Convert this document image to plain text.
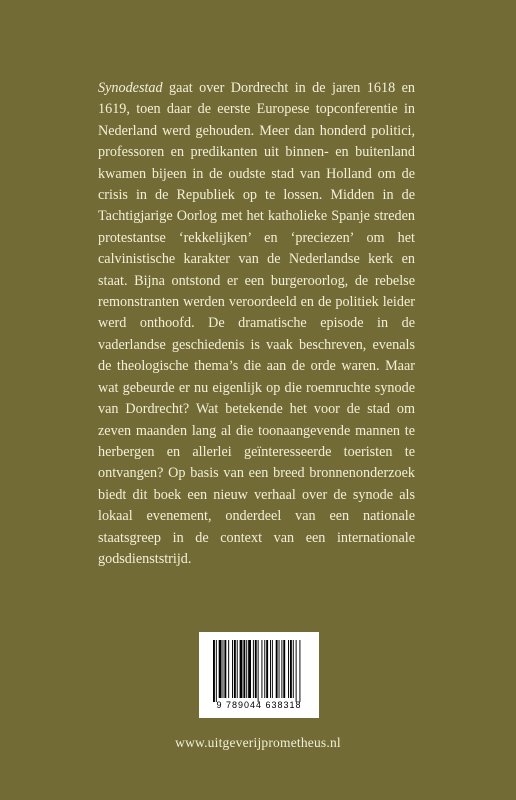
Synodestad gaat over Dordrecht in de jaren 1618 en 1619, toen daar de eerste Europese topconferentie in Nederland werd gehouden. Meer dan honderd politici, professoren en predikanten uit binnen- en buitenland kwamen bijeen in de oudste stad van Holland om de crisis in de Republiek op te lossen. Midden in de Tachtigjarige Oorlog met het katholieke Spanje streden protestantse ‘rekkelijken’ en ‘preciezen’ om het calvinistische karakter van de Nederlandse kerk en staat. Bijna ontstond er een burgeroorlog, de rebelse remonstranten werden veroordeeld en de politiek leider werd onthoofd. De dramatische episode in de vaderlandse geschiedenis is vaak beschreven, evenals de theologische thema’s die aan de orde waren. Maar wat gebeurde er nu eigenlijk op die roemruchte synode van Dordrecht? Wat betekende het voor de stad om zeven maanden lang al die toonaangevende mannen te herbergen en allerlei geïnteresseerde toeristen te ontvangen? Op basis van een breed bronnenonderzoek biedt dit boek een nieuw verhaal over de synode als lokaal evenement, onderdeel van een nationale staatsgreep in de context van een internationale godsdienststrijd.

9 789044 638318
www.uitgeverijprometheus.nl
